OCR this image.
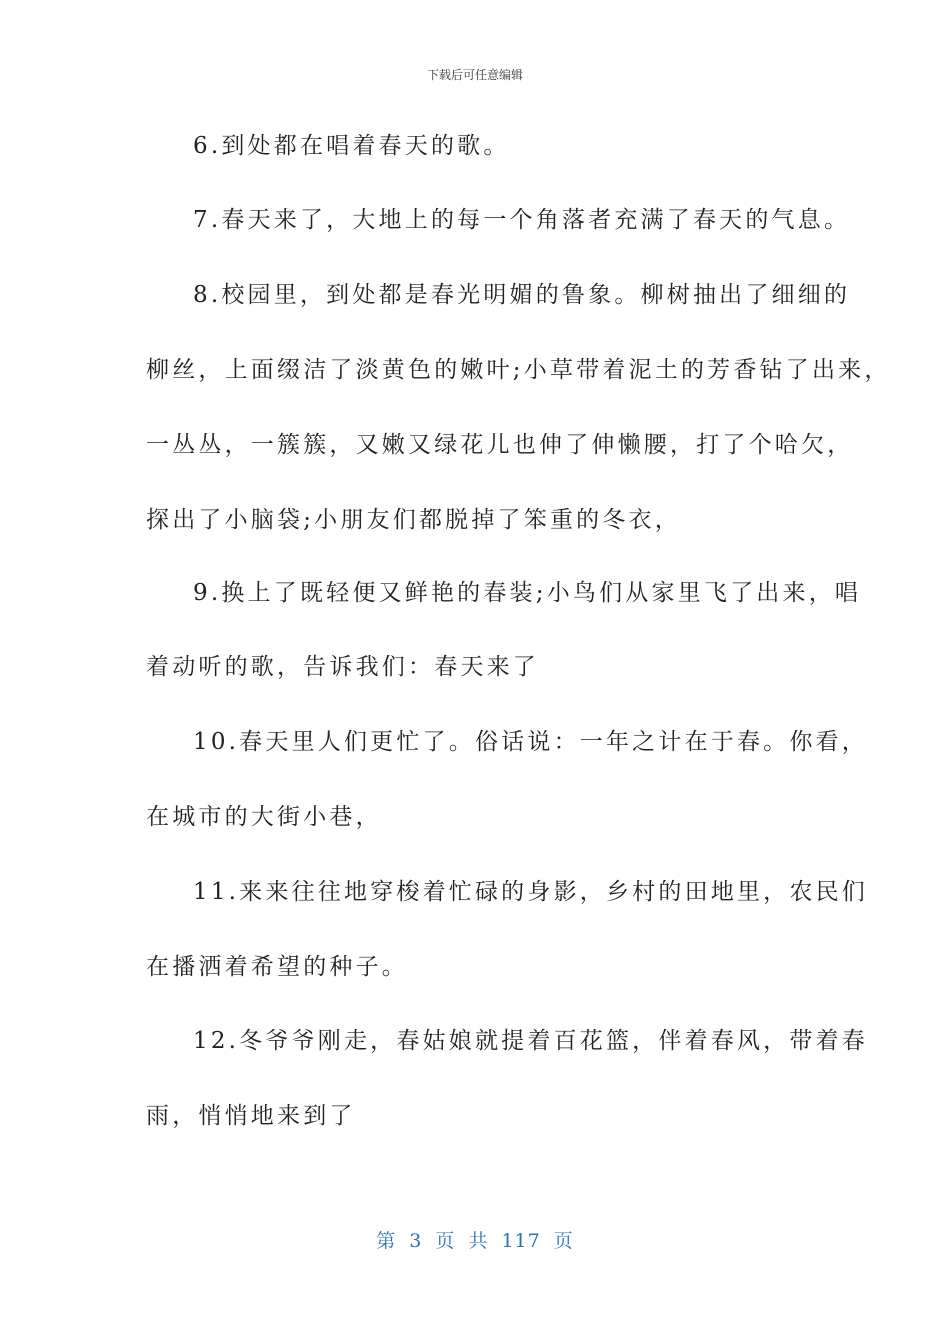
下载后可任意编辑
6.到处都在唱着春天的歌。
7.春天来了，大地上的每一个角落者充满了春天的气息。
8.校园里，到处都是春光明媚的鲁象。柳树抽出了细细的
柳丝，上面缀洁了淡黄色的嫩叶;小草带着泥土的芳香钻了出来，
一丛丛，一簇簇，又嫩又绿花儿也伸了伸懒腰，打了个哈欠，
探出了小脑袋;小朋友们都脱掉了笨重的冬衣，
9.换上了既轻便又鲜艳的春装;小鸟们从家里飞了出来，唱
着动听的歌，告诉我们：春天来了
10.春天里人们更忙了。俗话说：一年之计在于春。你看，
在城市的大街小巷，
11.来来往往地穿梭着忙碌的身影，乡村的田地里，农民们
在播洒着希望的种子。
12.冬爷爷刚走，春姑娘就提着百花篮，伴着春风，带着春
雨，悄悄地来到了
第 3 页 共 117 页
